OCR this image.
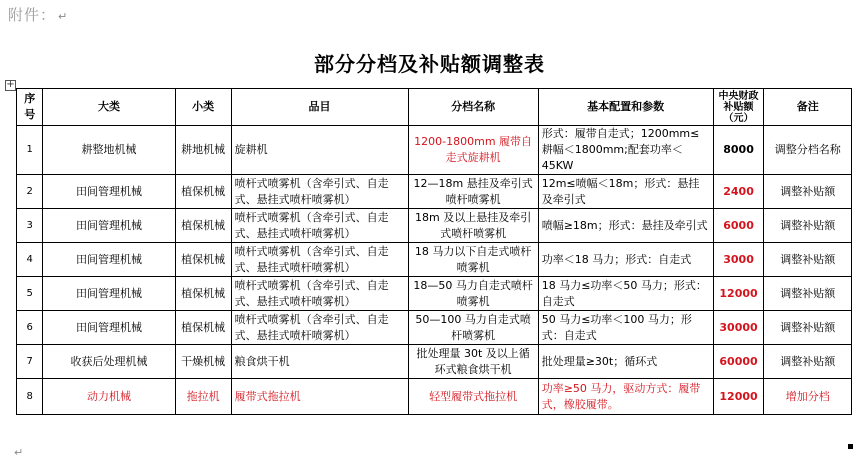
附件： ↵
部分分档及补贴额调整表
+
序号	大类	小类	品目	分档名称	基本配置和参数	中央财政补贴额（元）	备注
1	耕整地机械	耕地机械	旋耕机	1200-1800mm 履带自走式旋耕机	形式：履带自走式；1200mm≤耕幅＜1800mm;配套功率＜45KW	8000	调整分档名称
2	田间管理机械	植保机械	喷杆式喷雾机（含牵引式、自走式、悬挂式喷杆喷雾机）	12—18m 悬挂及牵引式喷杆喷雾机	12m≤喷幅＜18m；形式：悬挂及牵引式	2400	调整补贴额
3	田间管理机械	植保机械	喷杆式喷雾机（含牵引式、自走式、悬挂式喷杆喷雾机）	18m 及以上悬挂及牵引式喷杆喷雾机	喷幅≥18m；形式：悬挂及牵引式	6000	调整补贴额
4	田间管理机械	植保机械	喷杆式喷雾机（含牵引式、自走式、悬挂式喷杆喷雾机）	18 马力以下自走式喷杆喷雾机	功率＜18 马力；形式：自走式	3000	调整补贴额
5	田间管理机械	植保机械	喷杆式喷雾机（含牵引式、自走式、悬挂式喷杆喷雾机）	18—50 马力自走式喷杆喷雾机	18 马力≤功率＜50 马力；形式：自走式	12000	调整补贴额
6	田间管理机械	植保机械	喷杆式喷雾机（含牵引式、自走式、悬挂式喷杆喷雾机）	50—100 马力自走式喷杆喷雾机	50 马力≤功率＜100 马力；形式：自走式	30000	调整补贴额
7	收获后处理机械	干燥机械	粮食烘干机	批处理量 30t 及以上循环式粮食烘干机	批处理量≥30t；循环式	60000	调整补贴额
8	动力机械	拖拉机	履带式拖拉机	轻型履带式拖拉机	功率≥50 马力，驱动方式：履带式，橡胶履带。	12000	增加分档
↵
